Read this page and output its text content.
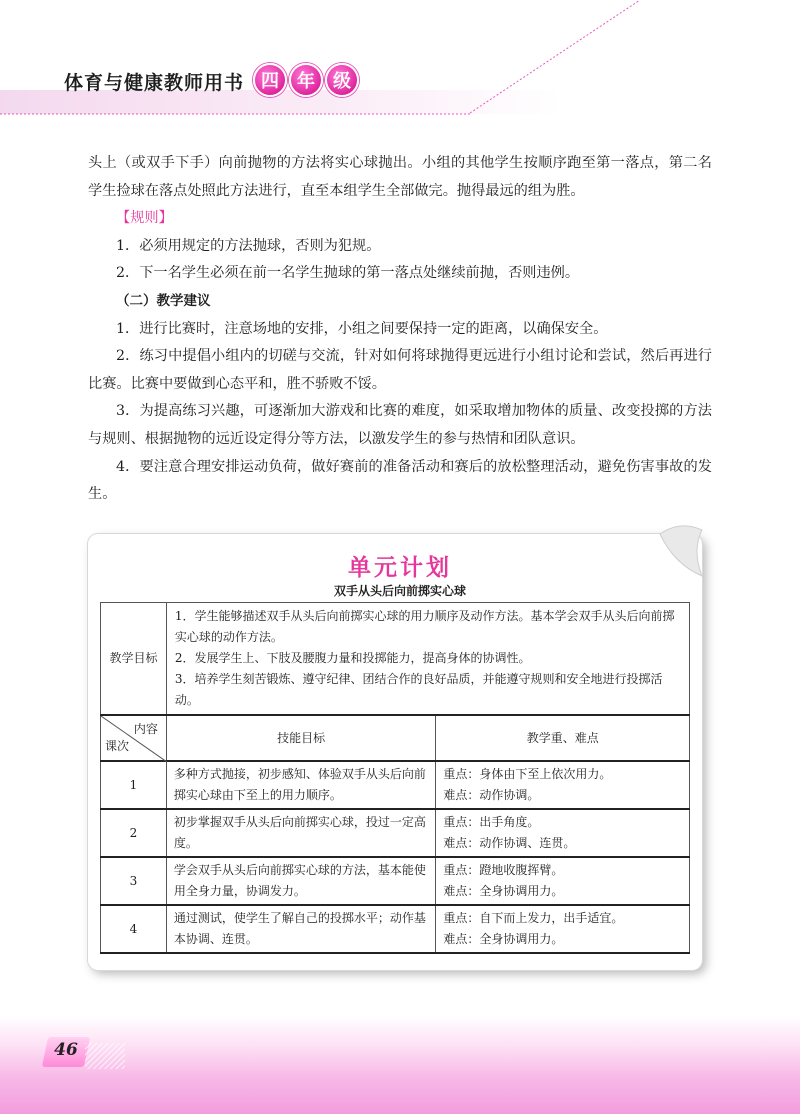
体育与健康教师用书 四	年	级

头上（或双手下手）向前抛物的方法将实心球抛出。小组的其他学生按顺序跑至第一落点，第二名学生捡球在落点处照此方法进行，直至本组学生全部做完。抛得最远的组为胜。

【规则】

1．必须用规定的方法抛球，否则为犯规。

2．下一名学生必须在前一名学生抛球的第一落点处继续前抛，否则违例。

（二）教学建议

1．进行比赛时，注意场地的安排，小组之间要保持一定的距离，以确保安全。

2．练习中提倡小组内的切磋与交流，针对如何将球抛得更远进行小组讨论和尝试，然后再进行比赛。比赛中要做到心态平和，胜不骄败不馁。

3．为提高练习兴趣，可逐渐加大游戏和比赛的难度，如采取增加物体的质量、改变投掷的方法与规则、根据抛物的远近设定得分等方法，以激发学生的参与热情和团队意识。

4．要注意合理安排运动负荷，做好赛前的准备活动和赛后的放松整理活动，避免伤害事故的发生。

单元计划
双手从头后向前掷实心球
教学目标	1．学生能够描述双手从头后向前掷实心球的用力顺序及动作方法。基本学会双手从头后向前掷实心球的动作方法。
2．发展学生上、下肢及腰腹力量和投掷能力，提高身体的协调性。
3．培养学生刻苦锻炼、遵守纪律、团结合作的良好品质，并能遵守规则和安全地进行投掷活动。	

内容
课次	技能目标	教学重、难点
1	多种方式抛接，初步感知、体验双手从头后向前掷实心球由下至上的用力顺序。	重点：身体由下至上依次用力。
难点：动作协调。

2	初步掌握双手从头后向前掷实心球，投过一定高度。	重点：出手角度。
难点：动作协调、连贯。

3	学会双手从头后向前掷实心球的方法，基本能使用全身力量，协调发力。	重点：蹬地收腹挥臂。
难点：全身协调用力。

4	通过测试，使学生了解自己的投掷水平；动作基本协调、连贯。	重点：自下而上发力，出手适宜。
难点：全身协调用力。
46
